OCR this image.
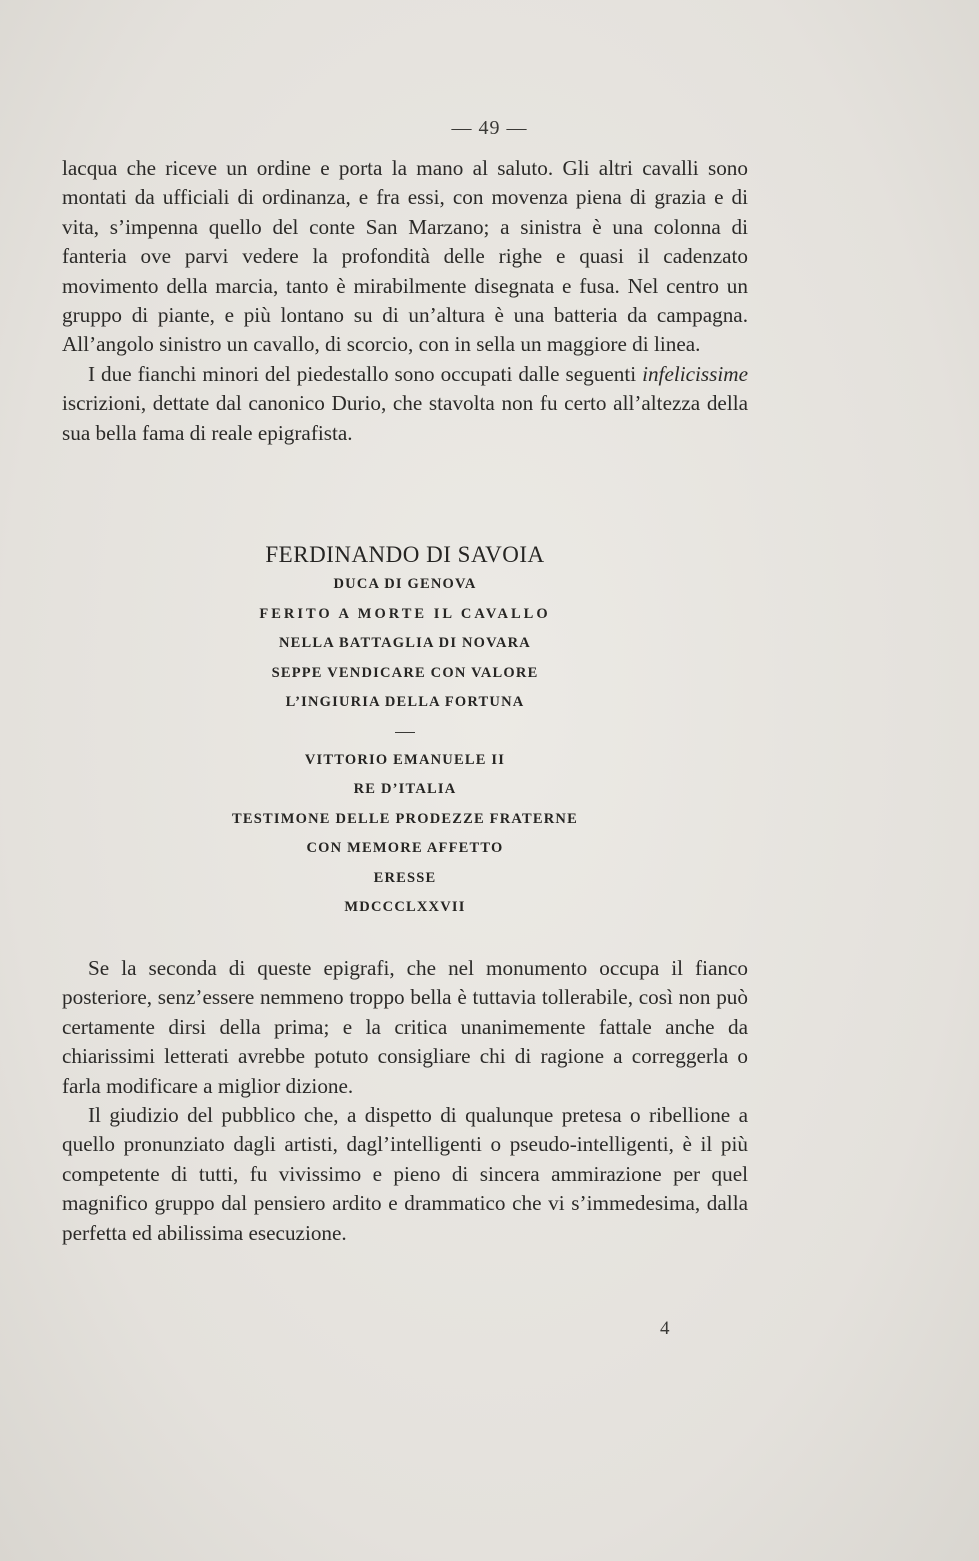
— 49 —

lacqua che riceve un ordine e porta la mano al saluto. Gli altri cavalli sono montati da ufficiali di ordinanza, e fra essi, con movenza piena di grazia e di vita, s’impenna quello del conte San Marzano; a sinistra è una colonna di fanteria ove parvi vedere la profondità delle righe e quasi il cadenzato movimento della marcia, tanto è mirabilmente disegnata e fusa. Nel centro un gruppo di piante, e più lontano su di un’altura è una batteria da campagna. All’angolo sinistro un cavallo, di scorcio, con in sella un maggiore di linea.

I due fianchi minori del piedestallo sono occupati dalle seguenti infelicissime iscrizioni, dettate dal canonico Durio, che stavolta non fu certo all’altezza della sua bella fama di reale epigrafista.

FERDINANDO DI SAVOIA
DUCA DI GENOVA
FERITO A MORTE IL CAVALLO
NELLA BATTAGLIA DI NOVARA
SEPPE VENDICARE CON VALORE
L’INGIURIA DELLA FORTUNA
VITTORIO EMANUELE II
RE D’ITALIA
TESTIMONE DELLE PRODEZZE FRATERNE
CON MEMORE AFFETTO
ERESSE
MDCCCLXXVII

Se la seconda di queste epigrafi, che nel monumento occupa il fianco posteriore, senz’essere nemmeno troppo bella è tuttavia tollerabile, così non può certamente dirsi della prima; e la critica unanimemente fattale anche da chiarissimi letterati avrebbe potuto consigliare chi di ragione a correggerla o farla modificare a miglior dizione.

Il giudizio del pubblico che, a dispetto di qualunque pretesa o ribellione a quello pronunziato dagli artisti, dagl’intelligenti o pseudo-intelligenti, è il più competente di tutti, fu vivissimo e pieno di sincera ammirazione per quel magnifico gruppo dal pensiero ardito e drammatico che vi s’immedesima, dalla perfetta ed abilissima esecuzione.

4
